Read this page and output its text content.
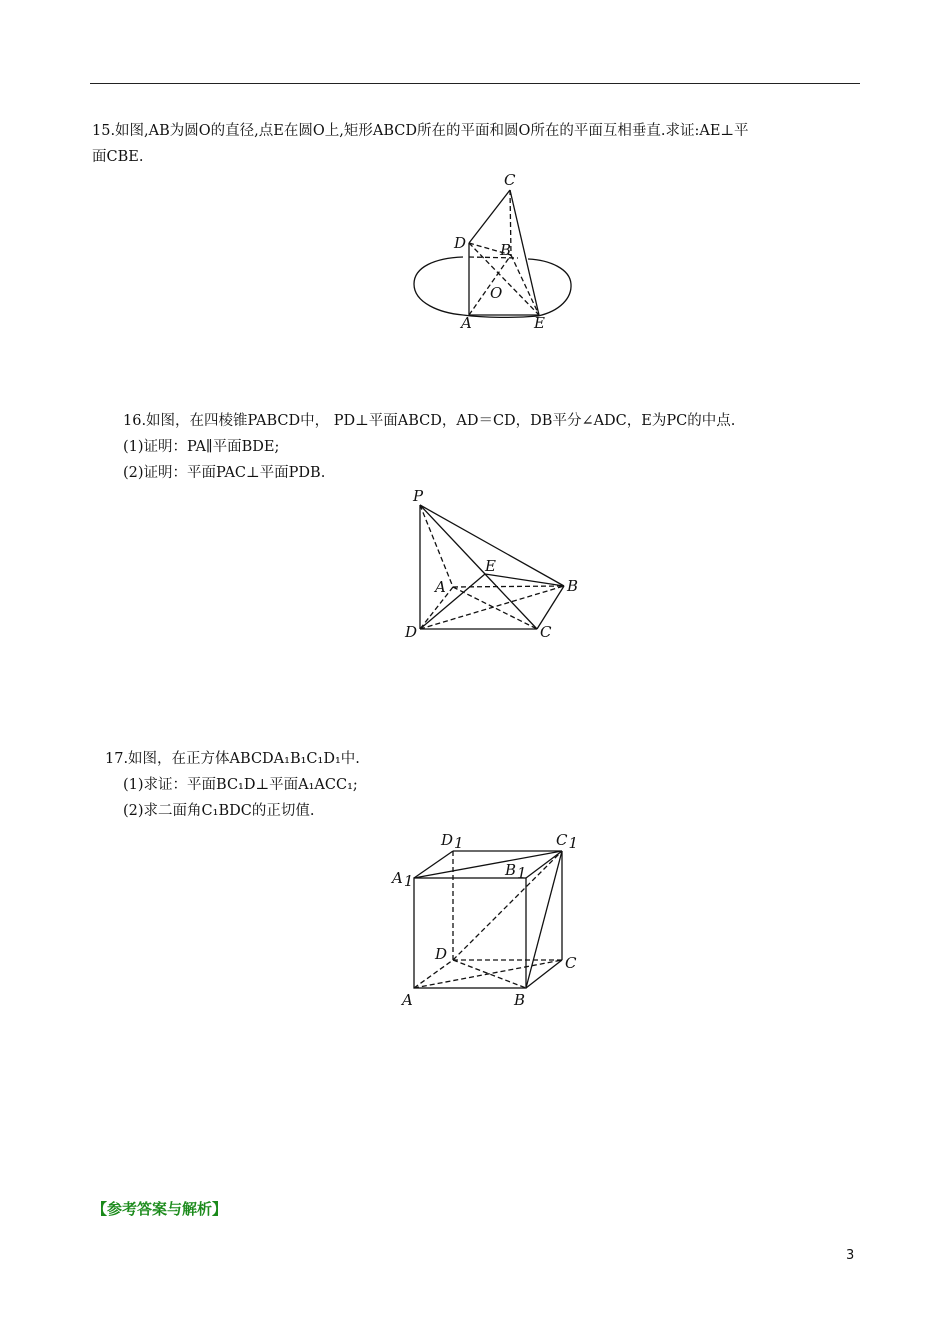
15.如图,AB为圆O的直径,点E在圆O上,矩形ABCD所在的平面和圆O所在的平面互相垂直.求证:AE⊥平
面CBE.
C
D B
O
A	E
16.如图，在四棱锥PABCD中， PD⊥平面ABCD，AD＝CD，DB平分∠ADC，E为PC的中点.
(1)证明：PA∥平面BDE;
(2)证明：平面PAC⊥平面PDB.
P
E
A	B
D	C
17.如图，在正方体ABCDA₁B₁C₁D₁中.
(1)求证：平面BC₁D⊥平面A₁ACC₁;
(2)求二面角C₁BDC的正切值.
D1	C1
B1
A1
D	C
A	B
【参考答案与解析】
3
